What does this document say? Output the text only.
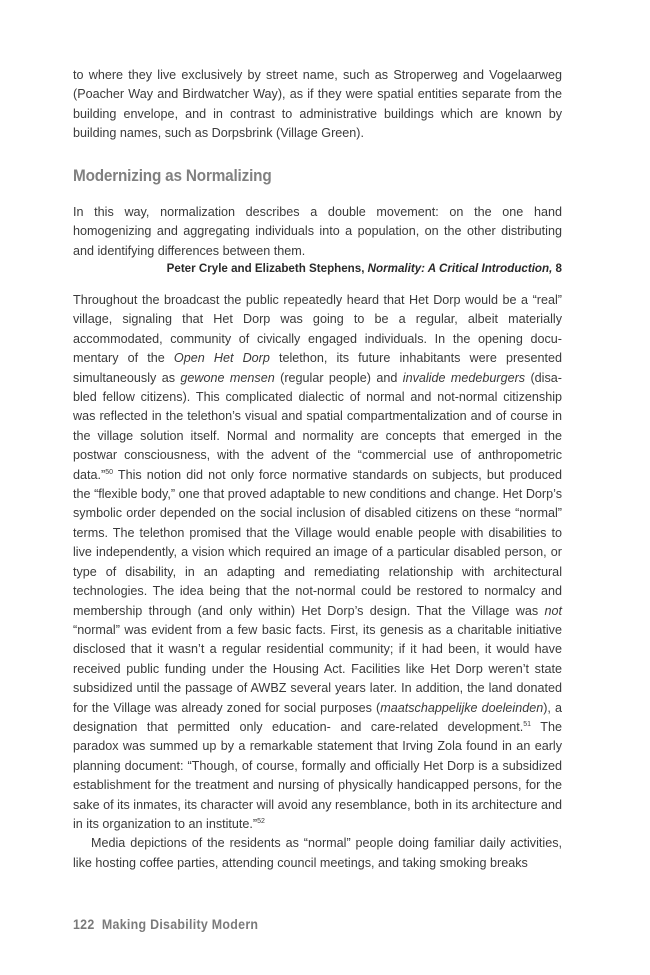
to where they live exclusively by street name, such as Stroperweg and Vogelaarweg (Poacher Way and Birdwatcher Way), as if they were spatial entities separate from the building envelope, and in contrast to administrative buildings which are known by building names, such as Dorpsbrink (Village Green).

Modernizing as Normalizing

In this way, normalization describes a double movement: on the one hand homogenizing and aggregating individuals into a population, on the other distributing and identifying differences between them.

Peter Cryle and Elizabeth Stephens, Normality: A Critical Introduction, 8

Throughout the broadcast the public repeatedly heard that Het Dorp would be a “real” village, signaling that Het Dorp was going to be a regular, albeit materially accommodated, community of civically engaged individuals. In the opening documentary of the Open Het Dorp telethon, its future inhabitants were presented simultaneously as gewone mensen (regular people) and invalide medeburgers (disabled fellow citizens). This complicated dialectic of normal and not-normal citizenship was reflected in the telethon’s visual and spatial compartmentalization and of course in the village solution itself. Normal and normality are concepts that emerged in the postwar consciousness, with the advent of the “commercial use of anthropometric data.”$^{50}$ This notion did not only force normative standards on subjects, but produced the “flexible body,” one that proved adaptable to new conditions and change. Het Dorp’s symbolic order depended on the social inclusion of disabled citizens on these “normal” terms. The telethon promised that the Village would enable people with disabilities to live independently, a vision which required an image of a particular disabled person, or type of disability, in an adapting and remediating relationship with architectural technologies. The idea being that the not-normal could be restored to normalcy and membership through (and only within) Het Dorp’s design. That the Village was not “normal” was evident from a few basic facts. First, its genesis as a charitable initiative disclosed that it wasn’t a regular residential community; if it had been, it would have received public funding under the Housing Act. Facilities like Het Dorp weren’t state subsidized until the passage of AWBZ several years later. In addition, the land donated for the Village was already zoned for social purposes (maatschappelijke doeleinden), a designation that permitted only education- and care-related development.$^{51}$ The paradox was summed up by a remarkable statement that Irving Zola found in an early planning document: “Though, of course, formally and officially Het Dorp is a subsidized establishment for the treatment and nursing of physically handicapped persons, for the sake of its inmates, its character will avoid any resemblance, both in its architecture and in its organization to an institute.”$^{52}$

Media depictions of the residents as “normal” people doing familiar daily activities, like hosting coffee parties, attending council meetings, and taking smoking breaks

122 Making Disability Modern
